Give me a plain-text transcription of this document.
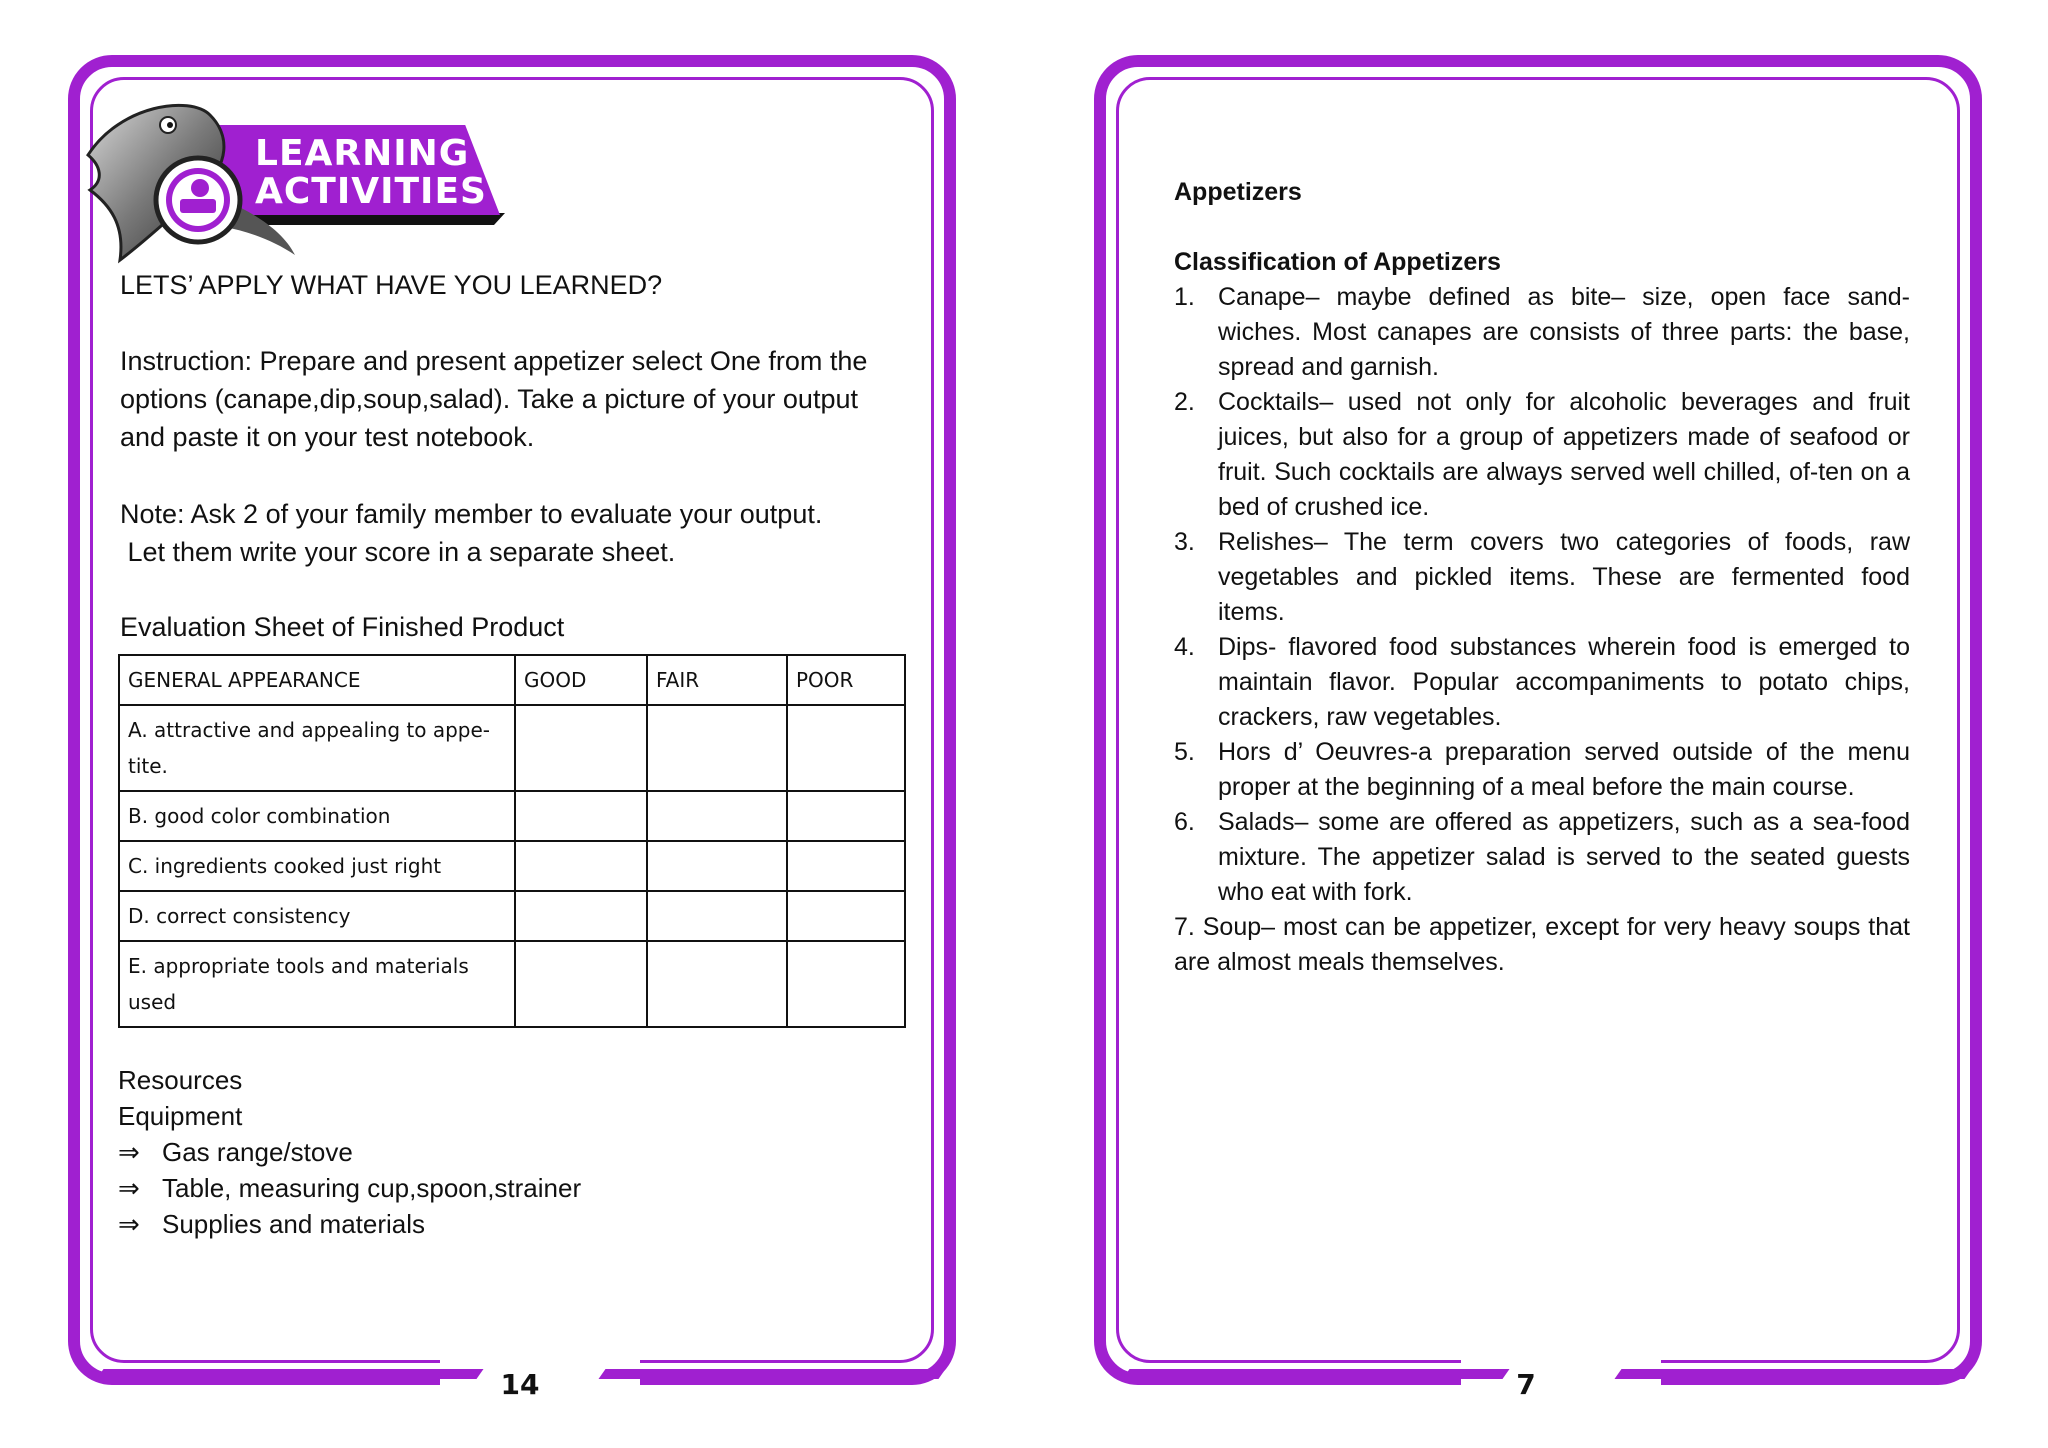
14
LEARNING
ACTIVITIES
LETS’ APPLY WHAT HAVE YOU LEARNED?
Instruction: Prepare and present appetizer select One from the options (canape,dip,soup,salad). Take a picture of your output and paste it on your test notebook.
Note: Ask 2 of your family member to evaluate your output.
Let them write your score in a separate sheet.
Evaluation Sheet of Finished Product
GENERAL APPEARANCE	GOOD	FAIR	POOR
A. attractive and appealing to appe-tite.			
B. good color combination			
C. ingredients cooked just right			
D. correct consistency			
E. appropriate tools and materials used			
Resources
Equipment
⇒ Gas range/stove
⇒ Table, measuring cup,spoon,strainer
⇒ Supplies and materials
7
Appetizers
Classification of Appetizers
1. Canape– maybe defined as bite– size, open face sand-wiches. Most canapes are consists of three parts: the base, spread and garnish.
2. Cocktails– used not only for alcoholic beverages and fruit juices, but also for a group of appetizers made of seafood or fruit. Such cocktails are always served well chilled, of-ten on a bed of crushed ice.
3. Relishes– The term covers two categories of foods, raw vegetables and pickled items. These are fermented food items.
4. Dips- flavored food substances wherein food is emerged to maintain flavor. Popular accompaniments to potato chips, crackers, raw vegetables.
5. Hors d’ Oeuvres-a preparation served outside of the menu proper at the beginning of a meal before the main course.
6. Salads– some are offered as appetizers, such as a sea-food mixture. The appetizer salad is served to the seated guests who eat with fork.
7. Soup– most can be appetizer, except for very heavy soups that are almost meals themselves.
